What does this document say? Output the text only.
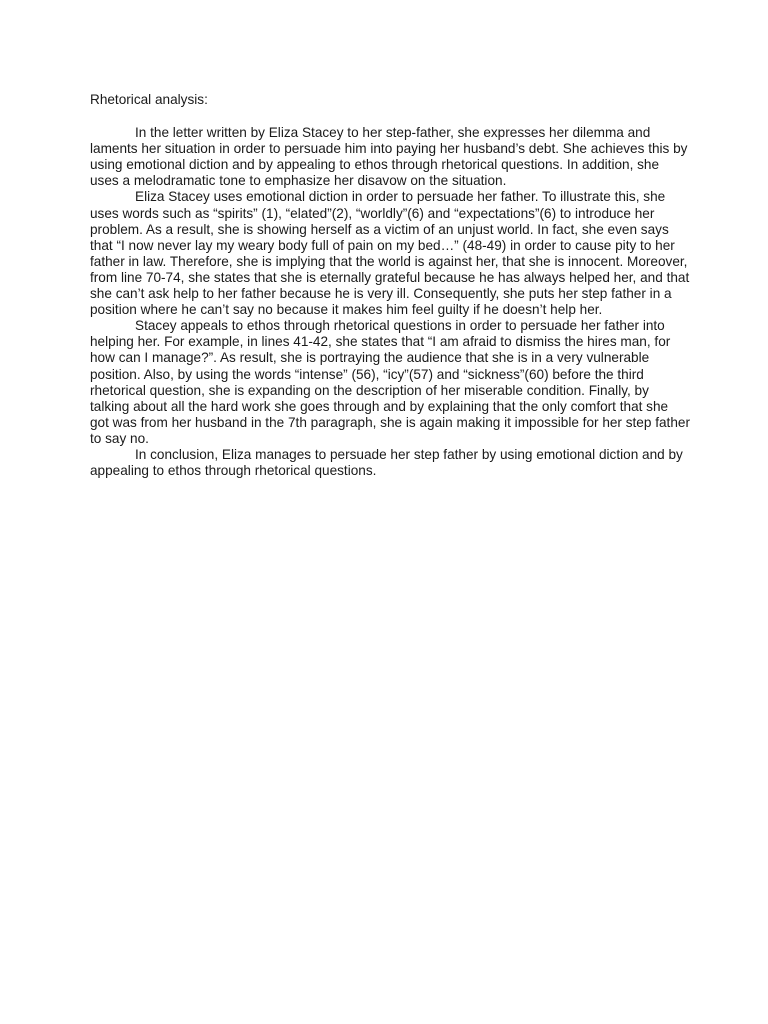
Rhetorical analysis:

In the letter written by Eliza Stacey to her step-father, she expresses her dilemma and laments her situation in order to persuade him into paying her husband’s debt. She achieves this by using emotional diction and by appealing to ethos through rhetorical questions. In addition, she uses a melodramatic tone to emphasize her disavow on the situation.

Eliza Stacey uses emotional diction in order to persuade her father. To illustrate this, she uses words such as “spirits” (1), “elated”(2), “worldly”(6) and “expectations”(6) to introduce her problem. As a result, she is showing herself as a victim of an unjust world. In fact, she even says that “I now never lay my weary body full of pain on my bed…” (48-49) in order to cause pity to her father in law. Therefore, she is implying that the world is against her, that she is innocent. Moreover, from line 70-74, she states that she is eternally grateful because he has always helped her, and that she can’t ask help to her father because he is very ill. Consequently, she puts her step father in a position where he can’t say no because it makes him feel guilty if he doesn’t help her.

Stacey appeals to ethos through rhetorical questions in order to persuade her father into helping her. For example, in lines 41-42, she states that “I am afraid to dismiss the hires man, for how can I manage?”. As result, she is portraying the audience that she is in a very vulnerable position. Also, by using the words “intense” (56), “icy”(57) and “sickness”(60) before the third rhetorical question, she is expanding on the description of her miserable condition. Finally, by talking about all the hard work she goes through and by explaining that the only comfort that she got was from her husband in the 7th paragraph, she is again making it impossible for her step father to say no.

In conclusion, Eliza manages to persuade her step father by using emotional diction and by appealing to ethos through rhetorical questions.
